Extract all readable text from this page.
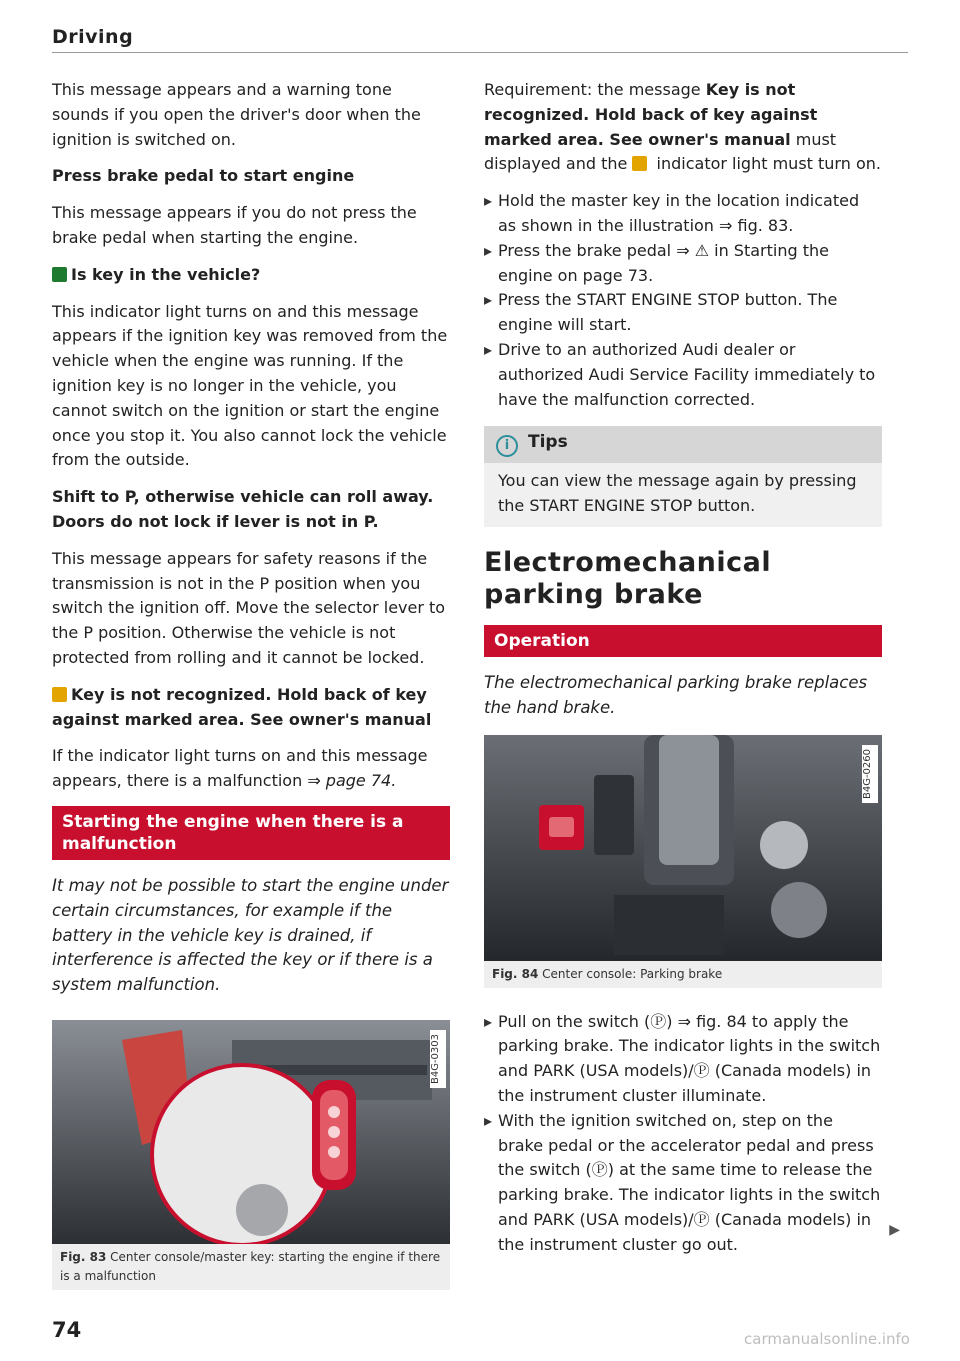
Driving

This message appears and a warning tone sounds if you open the driver's door when the ignition is switched on.

Press brake pedal to start engine

This message appears if you do not press the brake pedal when starting the engine.

Is key in the vehicle?

This indicator light turns on and this message appears if the ignition key was removed from the vehicle when the engine was running. If the ignition key is no longer in the vehicle, you cannot switch on the ignition or start the engine once you stop it. You also cannot lock the vehicle from the outside.

Shift to P, otherwise vehicle can roll away. Doors do not lock if lever is not in P.

This message appears for safety reasons if the transmission is not in the P position when you switch the ignition off. Move the selector lever to the P position. Otherwise the vehicle is not protected from rolling and it cannot be locked.

Key is not recognized. Hold back of key against marked area. See owner's manual

If the indicator light turns on and this message appears, there is a malfunction ⇒ page 74.

Starting the engine when there is a malfunction

It may not be possible to start the engine under certain circumstances, for example if the battery in the vehicle key is drained, if interference is affected the key or if there is a system malfunction.

B4G-0303
Fig. 83 Center console/master key: starting the engine if there is a malfunction

Requirement: the message Key is not recognized. Hold back of key against marked area. See owner's manual must displayed and the  indicator light must turn on.

▸ Hold the master key in the location indicated as shown in the illustration ⇒ fig. 83.
▸ Press the brake pedal ⇒ ⚠ in Starting the engine on page 73.
▸ Press the START ENGINE STOP button. The engine will start.
▸ Drive to an authorized Audi dealer or authorized Audi Service Facility immediately to have the malfunction corrected.
i Tips
You can view the message again by pressing the START ENGINE STOP button.
Electromechanical parking brake
Operation

The electromechanical parking brake replaces the hand brake.

B4G-0260
Fig. 84 Center console: Parking brake
▸ Pull on the switch (Ⓟ) ⇒ fig. 84 to apply the parking brake. The indicator lights in the switch and PARK (USA models)/Ⓟ (Canada models) in the instrument cluster illuminate.
▸ With the ignition switched on, step on the brake pedal or the accelerator pedal and press the switch (Ⓟ) at the same time to release the parking brake. The indicator lights in the switch and PARK (USA models)/Ⓟ (Canada models) in the instrument cluster go out.
▶
74	carmanualsonline.info
